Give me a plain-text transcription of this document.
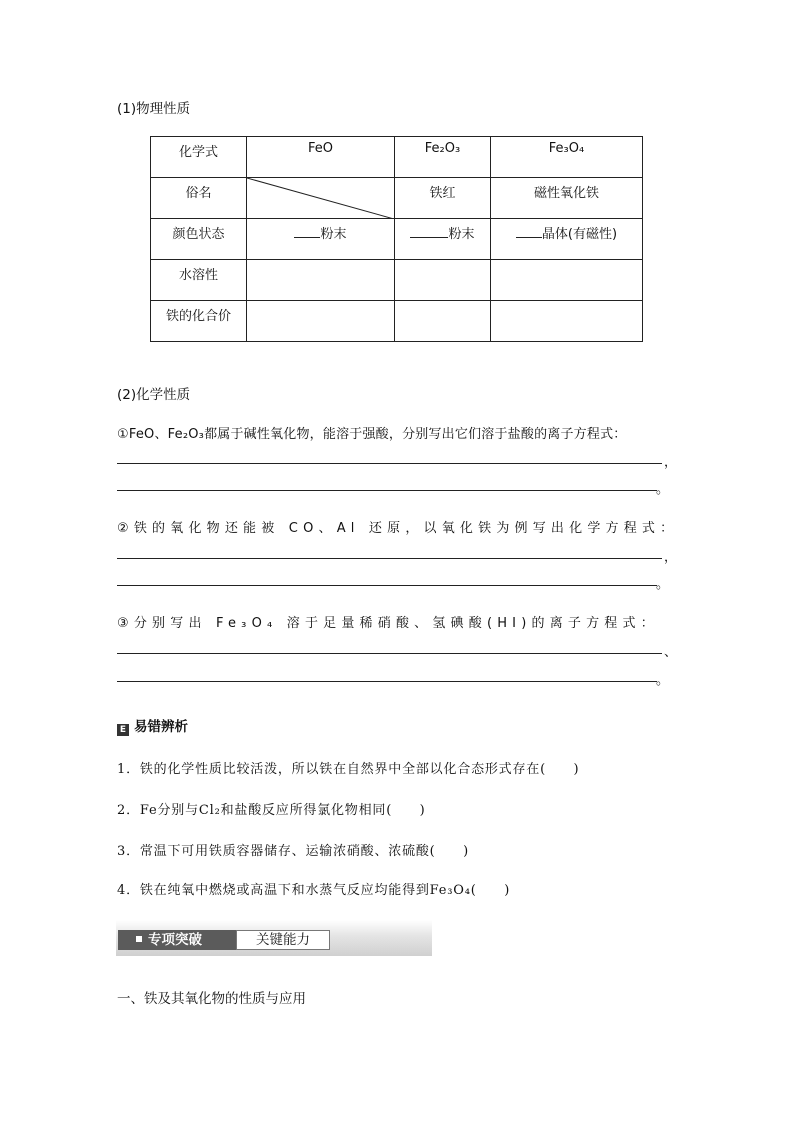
(1)物理性质
化学式	FeO	Fe₂O₃	Fe₃O₄

俗名		铁红	磁性氧化铁

颜色状态	粉末	粉末	晶体(有磁性)

水溶性			

铁的化合价			

(2)化学性质
①FeO、Fe₂O₃都属于碱性氧化物，能溶于强酸，分别写出它们溶于盐酸的离子方程式：
，
。
②铁的氧化物还能被 CO、Al 还原，以氧化铁为例写出化学方程式：
，
。
③分别写出 Fe₃O₄ 溶于足量稀硝酸、氢碘酸(HI)的离子方程式：
、
。
E 易错辨析
1．铁的化学性质比较活泼，所以铁在自然界中全部以化合态形式存在(　　)
2．Fe分别与Cl₂和盐酸反应所得氯化物相同(　　)
3．常温下可用铁质容器储存、运输浓硝酸、浓硫酸(　　)
4．铁在纯氧中燃烧或高温下和水蒸气反应均能得到Fe₃O₄(　　)
专项突破	关键能力
一、铁及其氧化物的性质与应用
